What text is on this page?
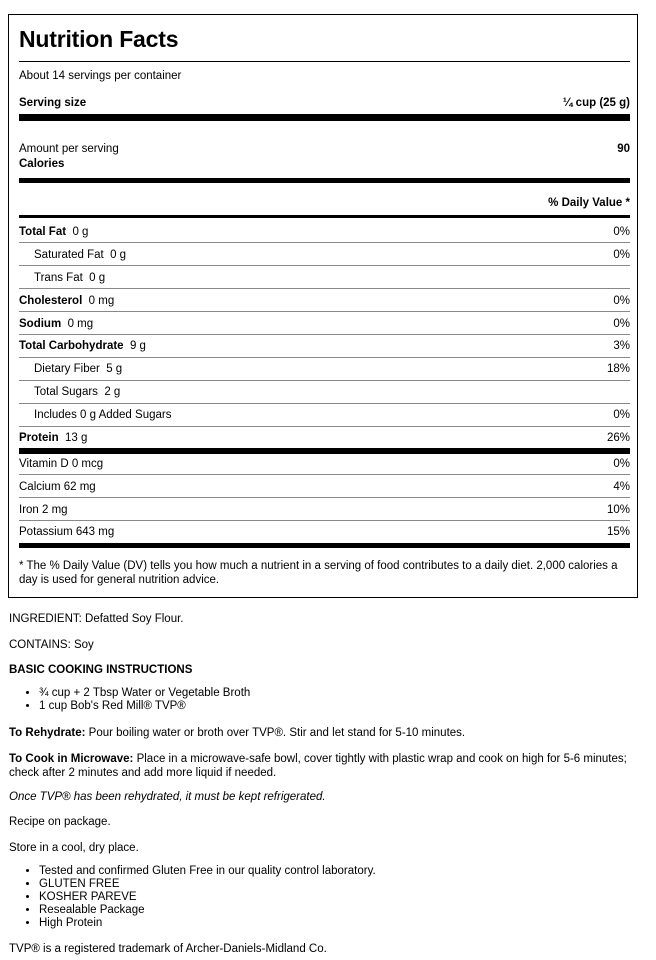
Nutrition Facts
About 14 servings per container
Serving size	¼ cup (25 g)
Amount per serving	90
Calories
% Daily Value *
Total Fat 0 g	0%
Saturated Fat 0 g	0%
Trans Fat 0 g
Cholesterol 0 mg	0%
Sodium 0 mg	0%
Total Carbohydrate 9 g	3%
Dietary Fiber 5 g	18%
Total Sugars 2 g
Includes 0 g Added Sugars	0%
Protein 13 g	26%
Vitamin D 0 mcg	0%
Calcium 62 mg	4%
Iron 2 mg	10%
Potassium 643 mg	15%
* The % Daily Value (DV) tells you how much a nutrient in a serving of food contributes to a daily diet. 2,000 calories a day is used for general nutrition advice.
INGREDIENT: Defatted Soy Flour.
CONTAINS: Soy
BASIC COOKING INSTRUCTIONS
• ¾ cup + 2 Tbsp Water or Vegetable Broth
• 1 cup Bob's Red Mill® TVP®
To Rehydrate: Pour boiling water or broth over TVP®. Stir and let stand for 5-10 minutes.
To Cook in Microwave: Place in a microwave-safe bowl, cover tightly with plastic wrap and cook on high for 5-6 minutes; check after 2 minutes and add more liquid if needed.
Once TVP® has been rehydrated, it must be kept refrigerated.
Recipe on package.
Store in a cool, dry place.
• Tested and confirmed Gluten Free in our quality control laboratory.
• GLUTEN FREE
• KOSHER PAREVE
• Resealable Package
• High Protein
TVP® is a registered trademark of Archer-Daniels-Midland Co.
